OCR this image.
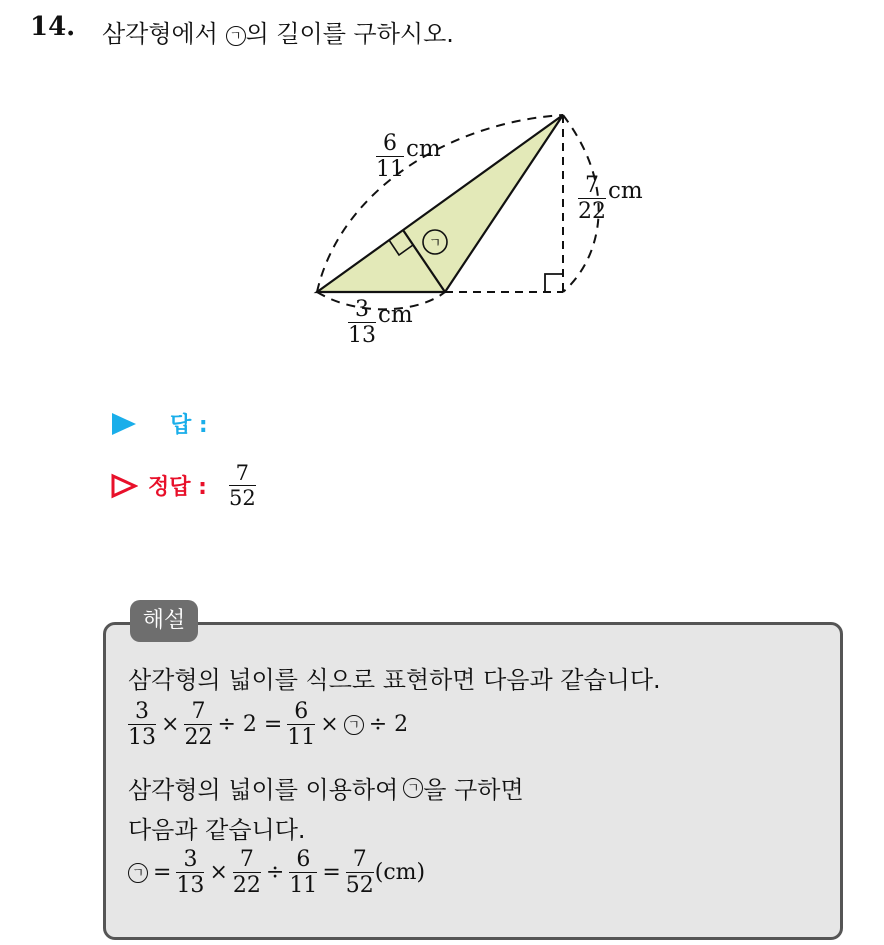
14. 삼각형에서 ㄱ 의 길이를 구하시오.
ㄱ
$\frac{6}{11}$ cm
$\frac{7}{22}$ cm
$\frac{3}{13}$ cm
답 :
정답 : $\frac{7}{52}$
해설
삼각형의 넓이를 식으로 표현하면 다음과 같습니다.
$\frac{3}{13} \times \frac{7}{22} \div 2 = \frac{6}{11}$ × ㄱ ÷ 2
삼각형의 넓이를 이용하여 ㄱ 을 구하면
다음과 같습니다.
ㄱ = $\frac{3}{13} \times \frac{7}{22} \div \frac{6}{11} = \frac{7}{52} (cm)$
